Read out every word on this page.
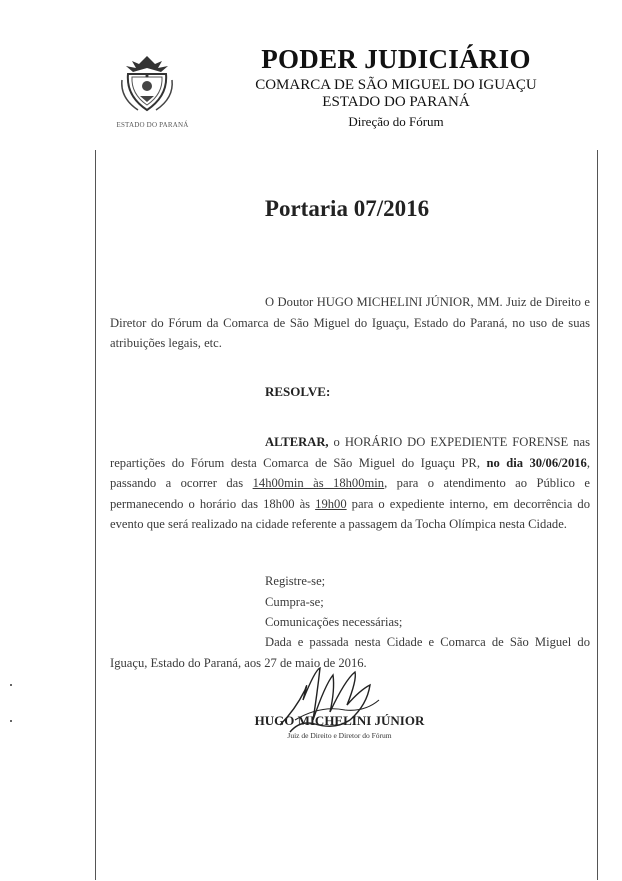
ESTADO DO PARANÁ
PODER JUDICIÁRIO
COMARCA DE SÃO MIGUEL DO IGUAÇU
ESTADO DO PARANÁ
Direção do Fórum
Portaria 07/2016

O Doutor HUGO MICHELINI JÚNIOR, MM. Juiz de Direito e Diretor do Fórum da Comarca de São Miguel do Iguaçu, Estado do Paraná, no uso de suas atribuições legais, etc.

RESOLVE:

ALTERAR, o HORÁRIO DO EXPEDIENTE FORENSE nas repartições do Fórum desta Comarca de São Miguel do Iguaçu PR, no dia 30/06/2016, passando a ocorrer das 14h00min às 18h00min, para o atendimento ao Público e permanecendo o horário das 18h00 às 19h00 para o expediente interno, em decorrência do evento que será realizado na cidade referente a passagem da Tocha Olímpica nesta Cidade.

Registre-se;
Cumpra-se;
Comunicações necessárias;

Dada e passada nesta Cidade e Comarca de São Miguel do Iguaçu, Estado do Paraná, aos 27 de maio de 2016.

HUGO MICHELINI JÚNIOR
Juiz de Direito e Diretor do Fórum
